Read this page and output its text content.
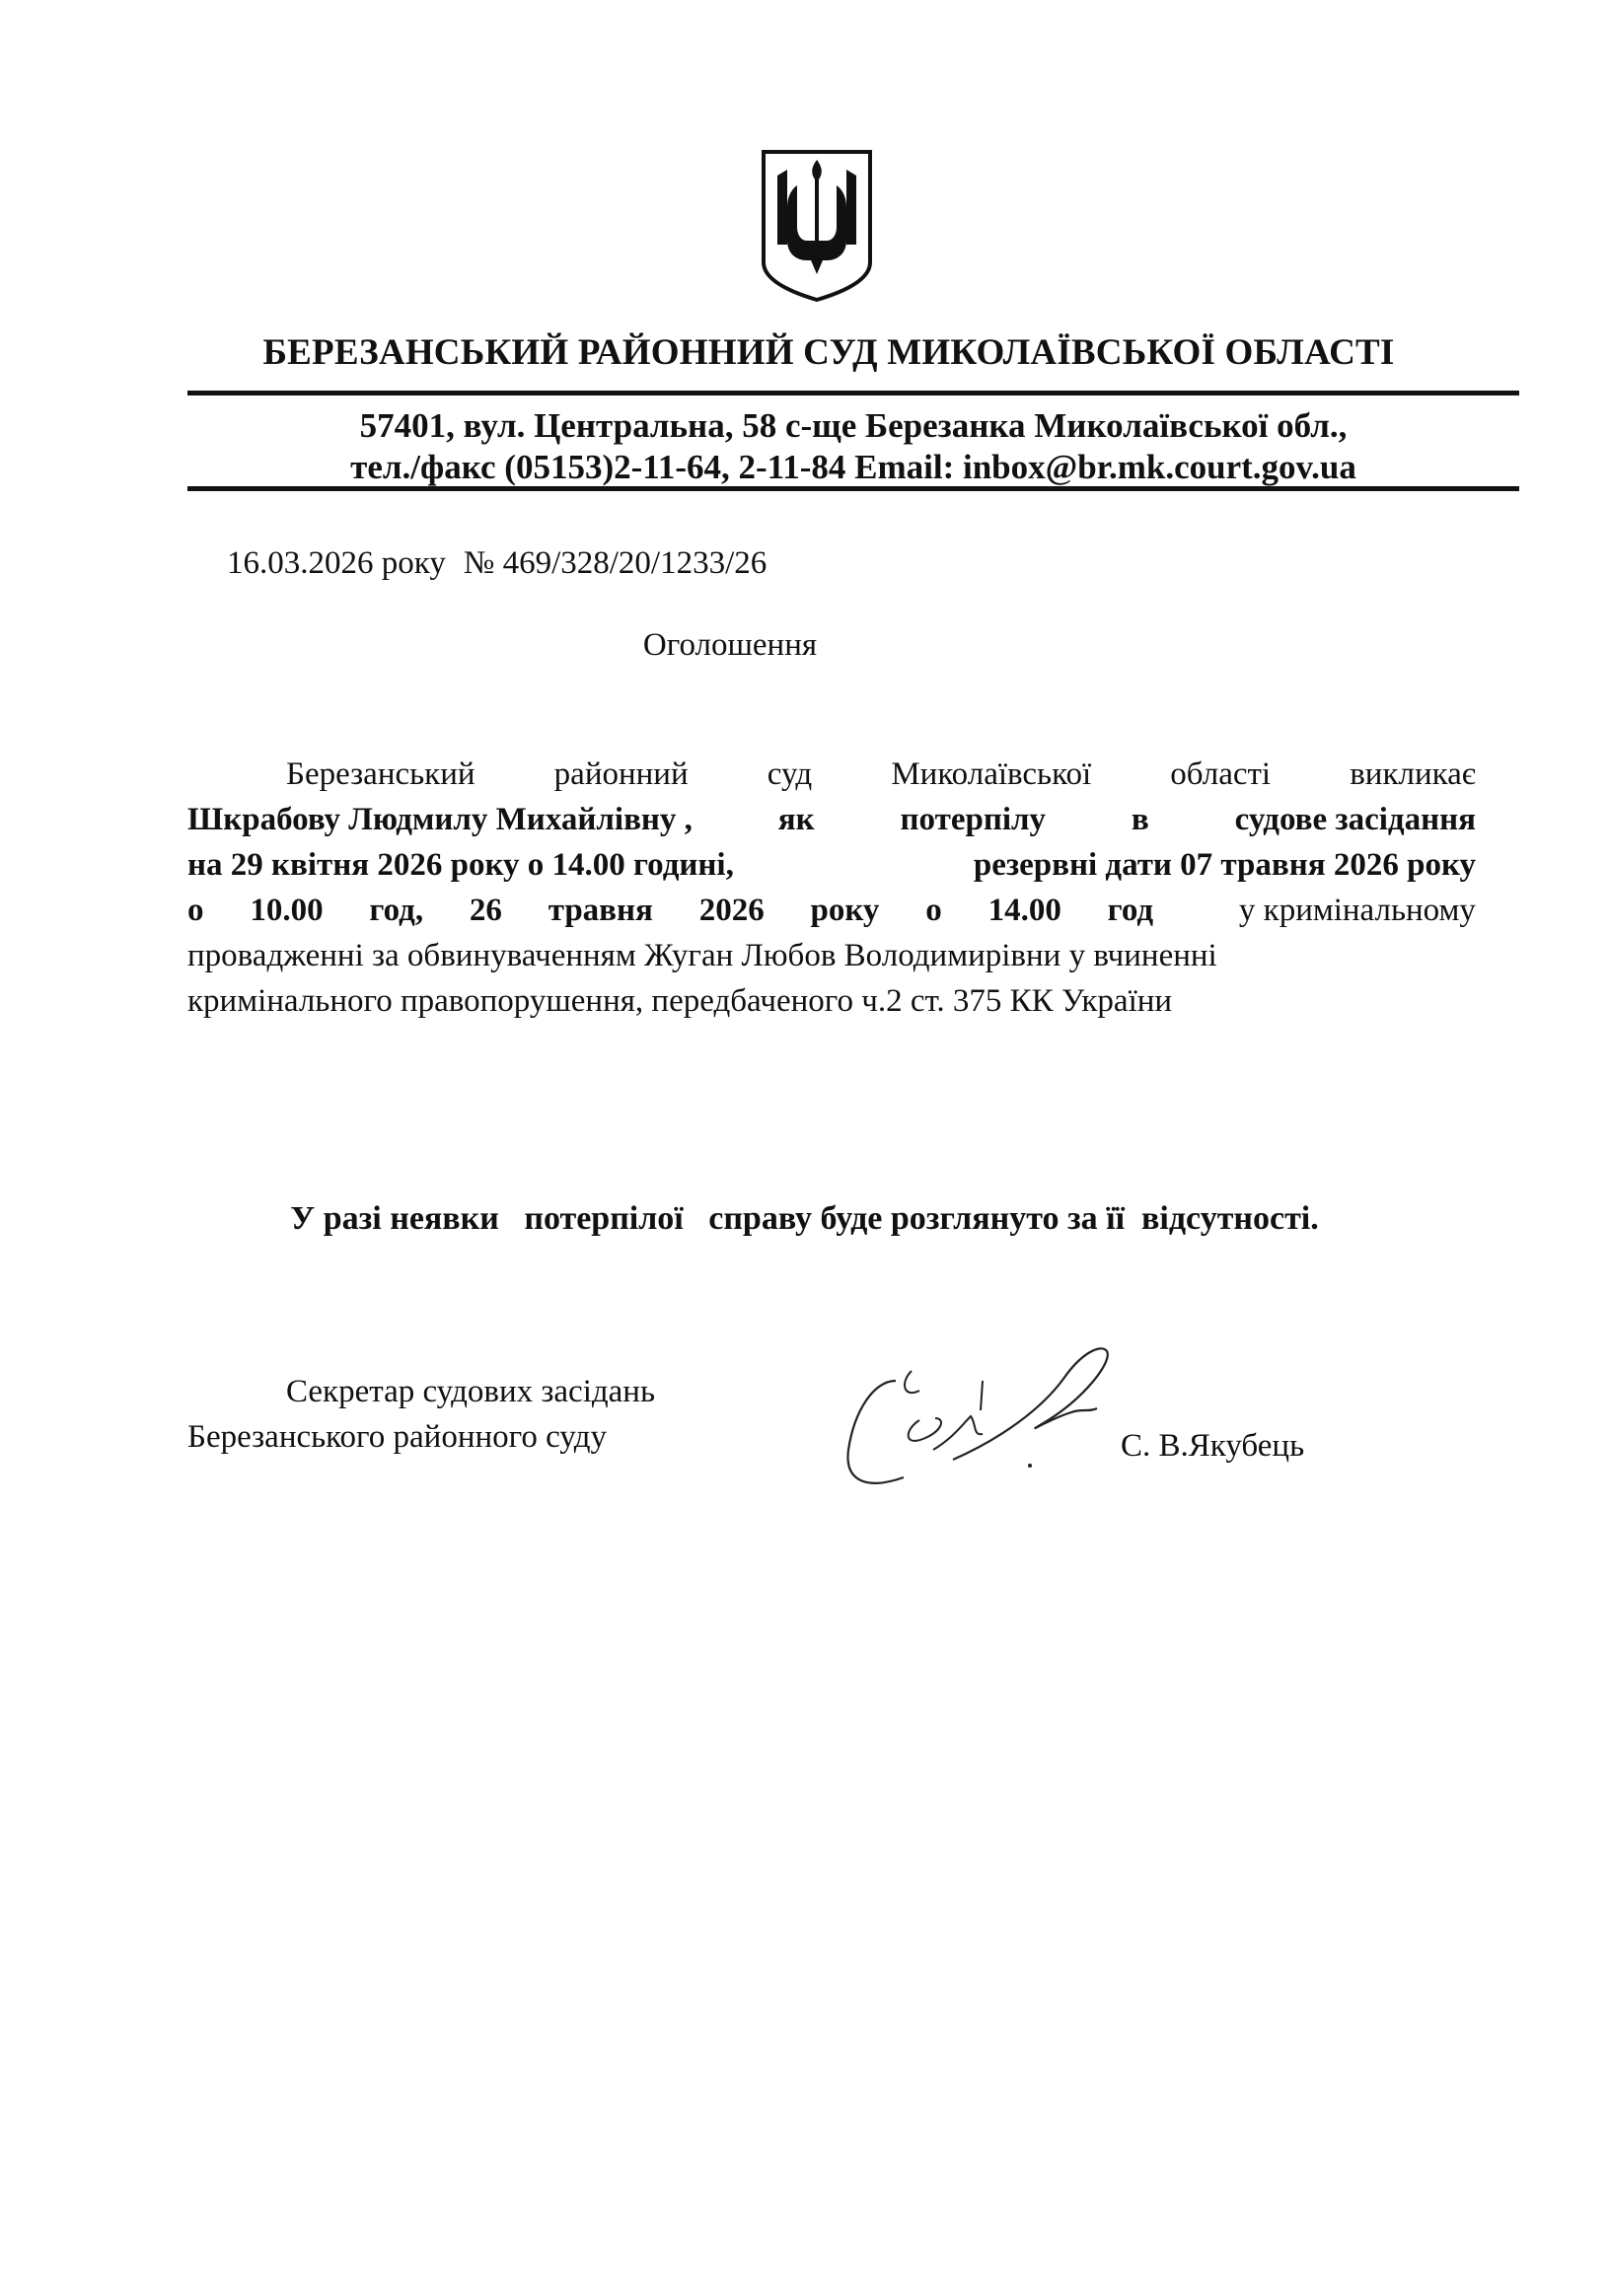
БЕРЕЗАНСЬКИЙ РАЙОННИЙ СУД МИКОЛАЇВСЬКОЇ ОБЛАСТІ
57401, вул. Центральна, 58 с-ще Березанка Миколаївської обл.,
тел./факс (05153)2-11-64, 2-11-84 Email: inbox@br.mk.court.gov.ua
16.03.2026 року № 469/328/20/1233/26
Оголошення
Березанський районний суд Миколаївської області викликає
Шкрабову Людмилу Михайлівну ,	як	потерпілу	в	судове засідання
на 29 квітня 2026 року о 14.00 годині,	резервні дати 07 травня 2026 року
о 10.00 год, 26 травня 2026 року о 14.00 год	у кримінальному
провадженні за обвинуваченням Жуган Любов Володимирівни у вчиненні
кримінального правопорушення, передбаченого ч.2 ст. 375 КК України
У разі неявки   потерпілої   справу буде розглянуто за її  відсутності.
Секретар судових засідань
Березанського районного суду	С. В.Якубець
